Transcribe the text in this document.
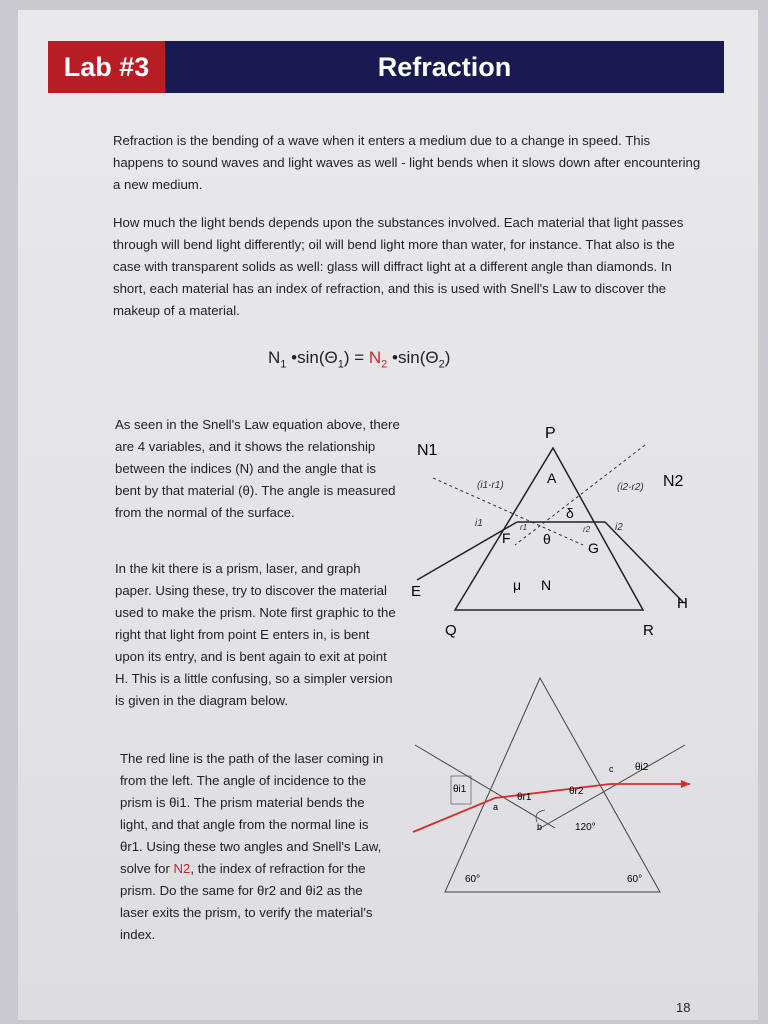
Lab #3	Refraction
Refraction is the bending of a wave when it enters a medium due to a change in speed. This happens to sound waves and light waves as well - light bends when it slows down after encountering a new medium.
How much the light bends depends upon the substances involved. Each material that light passes through will bend light differently; oil will bend light more than water, for instance. That also is the case with transparent solids as well: glass will diffract light at a different angle than diamonds. In short, each material has an index of refraction, and this is used with Snell's Law to discover the makeup of a material.
$N_1$ $•\sin(\Theta_1) = N_2$ $•\sin(\Theta_2)$
As seen in the Snell's Law equation above, there are 4 variables, and it shows the relationship between the indices (N) and the angle that is bent by that material (θ). The angle is measured from the normal of the surface.
In the kit there is a prism, laser, and graph paper. Using these, try to discover the material used to make the prism. Note first graphic to the right that light from point E enters in, is bent upon its entry, and is bent again to exit at point H. This is a little confusing, so a simpler version is given in the diagram below.
The red line is the path of the laser coming in from the left. The angle of incidence to the prism is θi1. The prism material bends the light, and that angle from the normal line is θr1. Using these two angles and Snell's Law, solve for N2, the index of refraction for the prism. Do the same for θr2 and θi2 as the laser exits the prism, to verify the material's index.
P
N1
N2
A
F
G
θ
δ
μ N
E
H
Q	R
(i1-r1)
i1	r1	r2
(i2-r2)
i2
θi1
θr1
θr2
θi2
a
b
c
120°
60°	60°
18
